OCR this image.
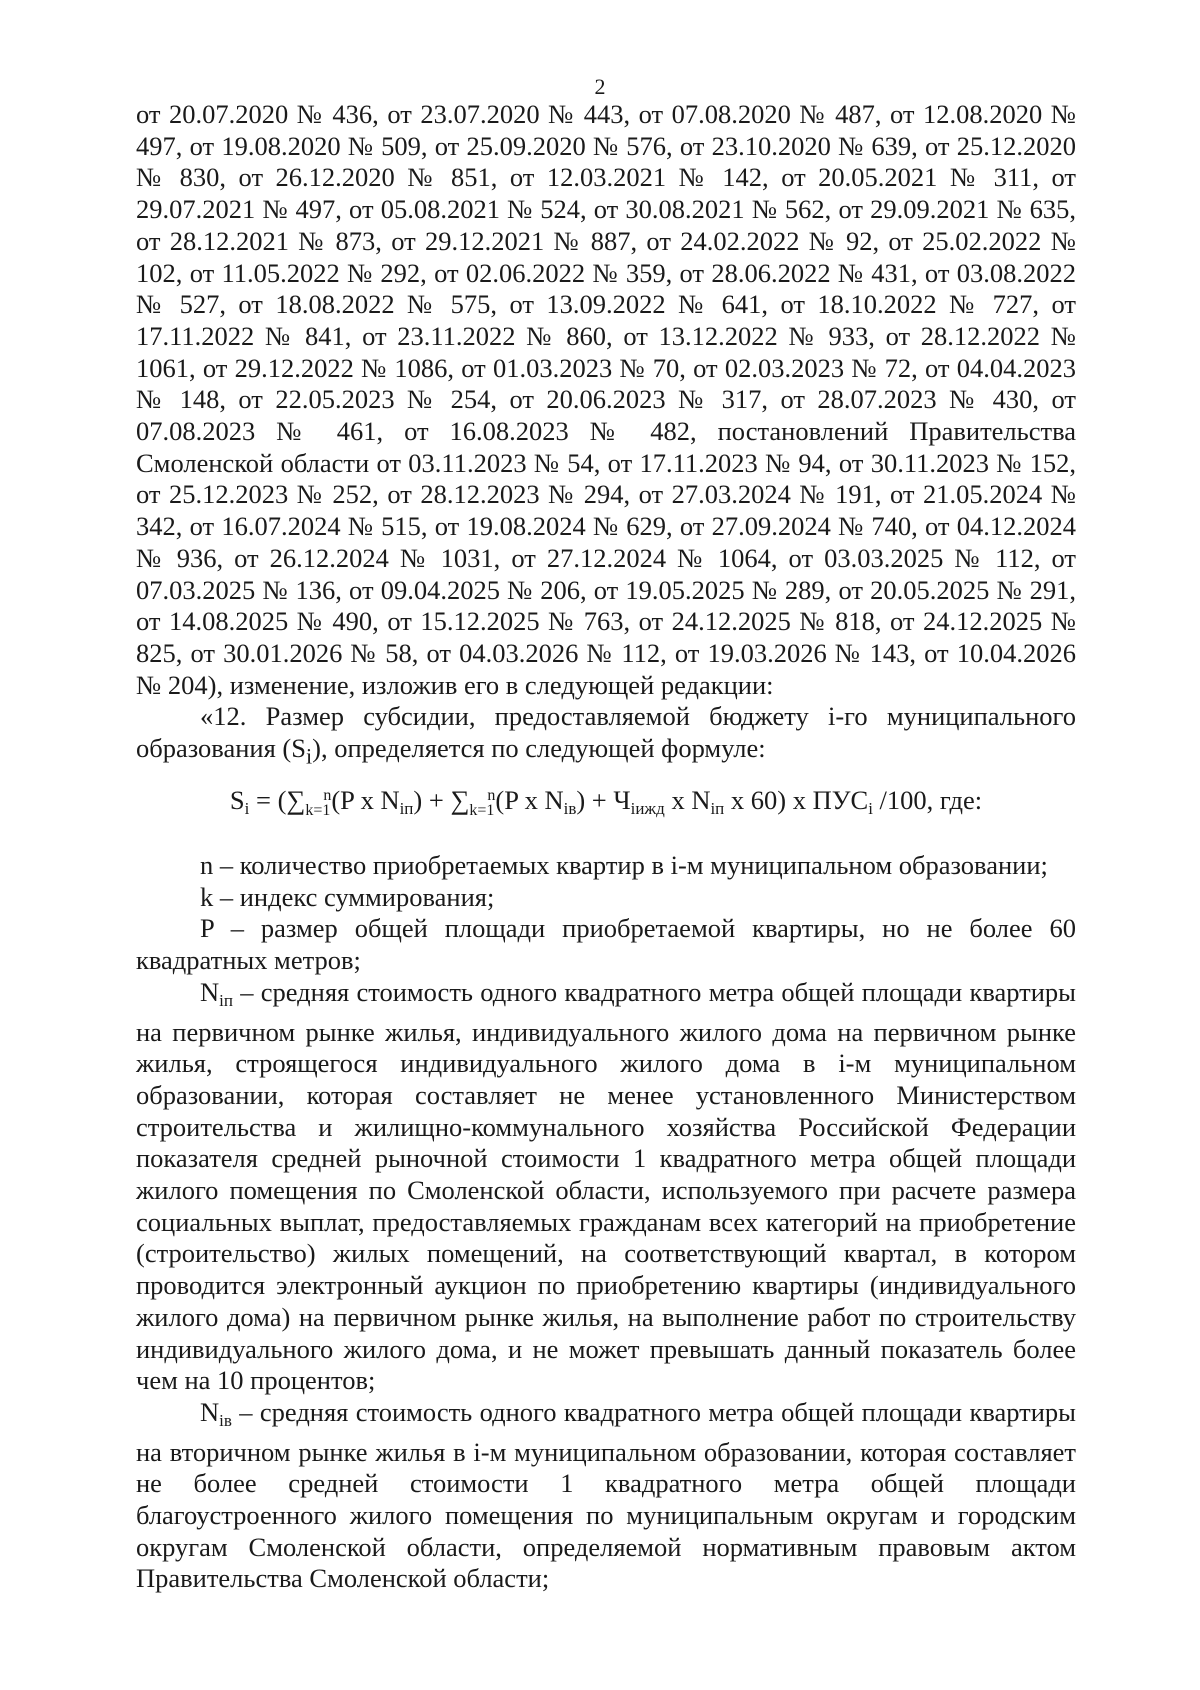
2

от 20.07.2020 № 436, от 23.07.2020 № 443, от 07.08.2020 № 487, от 12.08.2020 № 497, от 19.08.2020 № 509, от 25.09.2020 № 576, от 23.10.2020 № 639, от 25.12.2020 № 830, от 26.12.2020 № 851, от 12.03.2021 № 142, от 20.05.2021 № 311, от 29.07.2021 № 497, от 05.08.2021 № 524, от 30.08.2021 № 562, от 29.09.2021 № 635, от 28.12.2021 № 873, от 29.12.2021 № 887, от 24.02.2022 № 92, от 25.02.2022 № 102, от 11.05.2022 № 292, от 02.06.2022 № 359, от 28.06.2022 № 431, от 03.08.2022 № 527, от 18.08.2022 № 575, от 13.09.2022 № 641, от 18.10.2022 № 727, от 17.11.2022 № 841, от 23.11.2022 № 860, от 13.12.2022 № 933, от 28.12.2022 № 1061, от 29.12.2022 № 1086, от 01.03.2023 № 70, от 02.03.2023 № 72, от 04.04.2023 № 148, от 22.05.2023 № 254, от 20.06.2023 № 317, от 28.07.2023 № 430, от 07.08.2023 № 461, от 16.08.2023 № 482, постановлений Правительства Смоленской области от 03.11.2023 № 54, от 17.11.2023 № 94, от 30.11.2023 № 152, от 25.12.2023 № 252, от 28.12.2023 № 294, от 27.03.2024 № 191, от 21.05.2024 № 342, от 16.07.2024 № 515, от 19.08.2024 № 629, от 27.09.2024 № 740, от 04.12.2024 № 936, от 26.12.2024 № 1031, от 27.12.2024 № 1064, от 03.03.2025 № 112, от 07.03.2025 № 136, от 09.04.2025 № 206, от 19.05.2025 № 289, от 20.05.2025 № 291, от 14.08.2025 № 490, от 15.12.2025 № 763, от 24.12.2025 № 818, от 24.12.2025 № 825, от 30.01.2026 № 58, от 04.03.2026 № 112, от 19.03.2026 № 143, от 10.04.2026 № 204), изменение, изложив его в следующей редакции:

«12. Размер субсидии, предоставляемой бюджету i-го муниципального образования $(S_i)$, определяется по следующей формуле:

$S_i = (\sum_{k=1}^n(P$ x $N_{iп}) + \sum_{k=1}^n(P$ x $N_{iв}) + Ч_{iижд}$ x $N_{iп}$ x 60) x $ПУС_i$ /100, где:

n – количество приобретаемых квартир в i-м муниципальном образовании;

k – индекс суммирования;

P – размер общей площади приобретаемой квартиры, но не более 60 квадратных метров;

$N_{iп}$ – средняя стоимость одного квадратного метра общей площади квартиры на первичном рынке жилья, индивидуального жилого дома на первичном рынке жилья, строящегося индивидуального жилого дома в i-м муниципальном образовании, которая составляет не менее установленного Министерством строительства и жилищно-коммунального хозяйства Российской Федерации показателя средней рыночной стоимости 1 квадратного метра общей площади жилого помещения по Смоленской области, используемого при расчете размера социальных выплат, предоставляемых гражданам всех категорий на приобретение (строительство) жилых помещений, на соответствующий квартал, в котором проводится электронный аукцион по приобретению квартиры (индивидуального жилого дома) на первичном рынке жилья, на выполнение работ по строительству индивидуального жилого дома, и не может превышать данный показатель более чем на 10 процентов;

$N_{iв}$ – средняя стоимость одного квадратного метра общей площади квартиры на вторичном рынке жилья в i-м муниципальном образовании, которая составляет не более средней стоимости 1 квадратного метра общей площади благоустроенного жилого помещения по муниципальным округам и городским округам Смоленской области, определяемой нормативным правовым актом Правительства Смоленской области;
